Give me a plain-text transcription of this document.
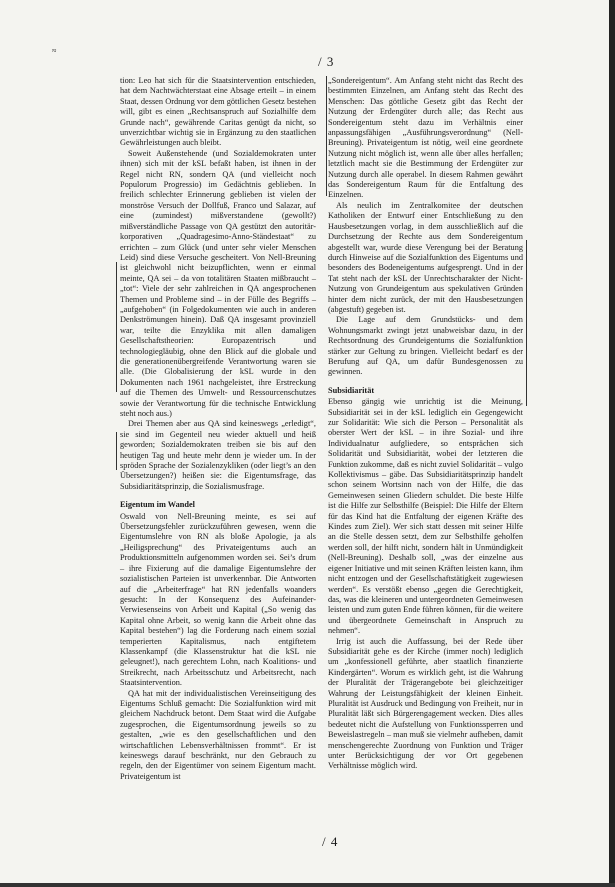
≈
/ 3

tion: Leo hat sich für die Staatsintervention entschieden, hat dem Nachtwächterstaat eine Absage erteilt – in einem Staat, dessen Ordnung vor dem göttlichen Gesetz bestehen will, gibt es einen „Rechtsanspruch auf Sozialhilfe dem Grunde nach“, gewährende Caritas genügt da nicht, so unverzichtbar wichtig sie in Ergänzung zu den staatlichen Gewährleistungen auch bleibt.

Soweit Außenstehende (und Sozialdemokraten unter ihnen) sich mit der kSL befaßt haben, ist ihnen in der Regel nicht RN, sondern QA (und vielleicht noch Populorum Progressio) im Gedächtnis geblieben. In freilich schlechter Erinnerung geblieben ist vielen der monströse Versuch der Dollfuß, Franco und Salazar, auf eine (zumindest) mißverstandene (gewollt?) mißverständliche Passage von QA gestützt den autoritär-korporativen „Quadragesimo-Anno-Ständestaat“ zu errichten – zum Glück (und unter sehr vieler Menschen Leid) sind diese Versuche gescheitert. Von Nell-Breuning ist gleichwohl nicht beizupflichten, wenn er einmal meinte, QA sei – da von totalitären Staaten mißbraucht – „tot“: Viele der sehr zahlreichen in QA angesprochenen Themen und Probleme sind – in der Fülle des Begriffs – „aufgehoben“ (in Folgedokumenten wie auch in anderen Denkströmungen hinein). Daß QA insgesamt provinziell war, teilte die Enzyklika mit allen damaligen Gesellschaftstheorien: Europazentrisch und technologiegläubig, ohne den Blick auf die globale und die generationenübergreifende Verantwortung waren sie alle. (Die Globalisierung der kSL wurde in den Dokumenten nach 1961 nachgeleistet, ihre Erstreckung auf die Themen des Umwelt- und Ressourcenschutzes sowie der Verantwortung für die technische Entwicklung steht noch aus.)

Drei Themen aber aus QA sind keineswegs „erledigt“, sie sind im Gegenteil neu wieder aktuell und heiß geworden; Sozialdemokraten treiben sie bis auf den heutigen Tag und heute mehr denn je wieder um. In der spröden Sprache der Sozialenzykliken (oder liegt’s an den Übersetzungen?) heißen sie: die Eigentumsfrage, das Subsidiaritätsprinzip, die Sozialismusfrage.

Eigentum im Wandel

Oswald von Nell-Breuning meinte, es sei auf Übersetzungsfehler zurückzuführen gewesen, wenn die Eigentumslehre von RN als bloße Apologie, ja als „Heiligsprechung“ des Privateigentums auch an Produktionsmitteln aufgenommen worden sei. Sei’s drum – ihre Fixierung auf die damalige Eigentumslehre der sozialistischen Parteien ist unverkennbar. Die Antworten auf die „Arbeiterfrage“ hat RN jedenfalls woanders gesucht: In der Konsequenz des Aufeinander-Verwiesenseins von Arbeit und Kapital („So wenig das Kapital ohne Arbeit, so wenig kann die Arbeit ohne das Kapital bestehen“) lag die Forderung nach einem sozial temperierten Kapitalismus, nach entgiftetem Klassenkampf (die Klassenstruktur hat die kSL nie geleugnet!), nach gerechtem Lohn, nach Koalitions- und Streikrecht, nach Arbeitsschutz und Arbeitsrecht, nach Staatsintervention.

QA hat mit der individualistischen Vereinseitigung des Eigentums Schluß gemacht: Die Sozialfunktion wird mit gleichem Nachdruck betont. Dem Staat wird die Aufgabe zugesprochen, die Eigentumsordnung jeweils so zu gestalten, „wie es den gesellschaftlichen und den wirtschaftlichen Lebensverhältnissen frommt“. Er ist keineswegs darauf beschränkt, nur den Gebrauch zu regeln, den der Eigentümer von seinem Eigentum macht. Privateigentum ist

„Sondereigentum“. Am Anfang steht nicht das Recht des bestimmten Einzelnen, am Anfang steht das Recht des Menschen: Das göttliche Gesetz gibt das Recht der Nutzung der Erdengüter durch alle; das Recht aus Sondereigentum steht dazu im Verhältnis einer anpassungsfähigen „Ausführungsverordnung“ (Nell-Breuning). Privateigentum ist nötig, weil eine geordnete Nutzung nicht möglich ist, wenn alle über alles herfallen; letztlich macht sie die Bestimmung der Erdengüter zur Nutzung durch alle operabel. In diesem Rahmen gewährt das Sondereigentum Raum für die Entfaltung des Einzelnen.

Als neulich im Zentralkomitee der deutschen Katholiken der Entwurf einer Entschließung zu den Hausbesetzungen vorlag, in dem ausschließlich auf die Durchsetzung der Rechte aus dem Sondereigentum abgestellt war, wurde diese Verengung bei der Beratung durch Hinweise auf die Sozialfunktion des Eigentums und besonders des Bodeneigentums aufgesprengt. Und in der Tat steht nach der kSL der Unrechtscharakter der Nicht-Nutzung von Grundeigentum aus spekulativen Gründen hinter dem nicht zurück, der mit den Hausbesetzungen (abgestuft) gegeben ist.

Die Lage auf dem Grundstücks- und dem Wohnungsmarkt zwingt jetzt unabweisbar dazu, in der Rechtsordnung des Grundeigentums die Sozialfunktion stärker zur Geltung zu bringen. Vielleicht bedarf es der Berufung auf QA, um dafür Bundesgenossen zu gewinnen.

Subsidiarität

Ebenso gängig wie unrichtig ist die Meinung, Subsidiarität sei in der kSL lediglich ein Gegengewicht zur Solidarität: Wie sich die Person – Personalität als oberster Wert der kSL – in ihre Sozial- und ihre Individualnatur aufgliedere, so entsprächen sich Solidarität und Subsidiarität, wobei der letzteren die Funktion zukomme, daß es nicht zuviel Solidarität – vulgo Kollektivismus – gäbe. Das Subsidiaritätsprinzip handelt schon seinem Wortsinn nach von der Hilfe, die das Gemeinwesen seinen Gliedern schuldet. Die beste Hilfe ist die Hilfe zur Selbsthilfe (Beispiel: Die Hilfe der Eltern für das Kind hat die Entfaltung der eigenen Kräfte des Kindes zum Ziel). Wer sich statt dessen mit seiner Hilfe an die Stelle dessen setzt, dem zur Selbsthilfe geholfen werden soll, der hilft nicht, sondern hält in Unmündigkeit (Nell-Breuning). Deshalb soll, „was der einzelne aus eigener Initiative und mit seinen Kräften leisten kann, ihm nicht entzogen und der Gesellschaftstätigkeit zugewiesen werden“. Es verstößt ebenso „gegen die Gerechtigkeit, das, was die kleineren und untergeordneten Gemeinwesen leisten und zum guten Ende führen können, für die weitere und übergeordnete Gemeinschaft in Anspruch zu nehmen“.

Irrig ist auch die Auffassung, bei der Rede über Subsidiarität gehe es der Kirche (immer noch) lediglich um „konfessionell geführte, aber staatlich finanzierte Kindergärten“. Worum es wirklich geht, ist die Wahrung der Pluralität der Trägerangebote bei gleichzeitiger Wahrung der Leistungsfähigkeit der kleinen Einheit. Pluralität ist Ausdruck und Bedingung von Freiheit, nur in Pluralität läßt sich Bürgerengagement wecken. Dies alles bedeutet nicht die Aufstellung von Funktionssperren und Beweislastregeln – man muß sie vielmehr aufheben, damit menschengerechte Zuordnung von Funktion und Träger unter Berücksichtigung der vor Ort gegebenen Verhältnisse möglich wird.

/ 4
